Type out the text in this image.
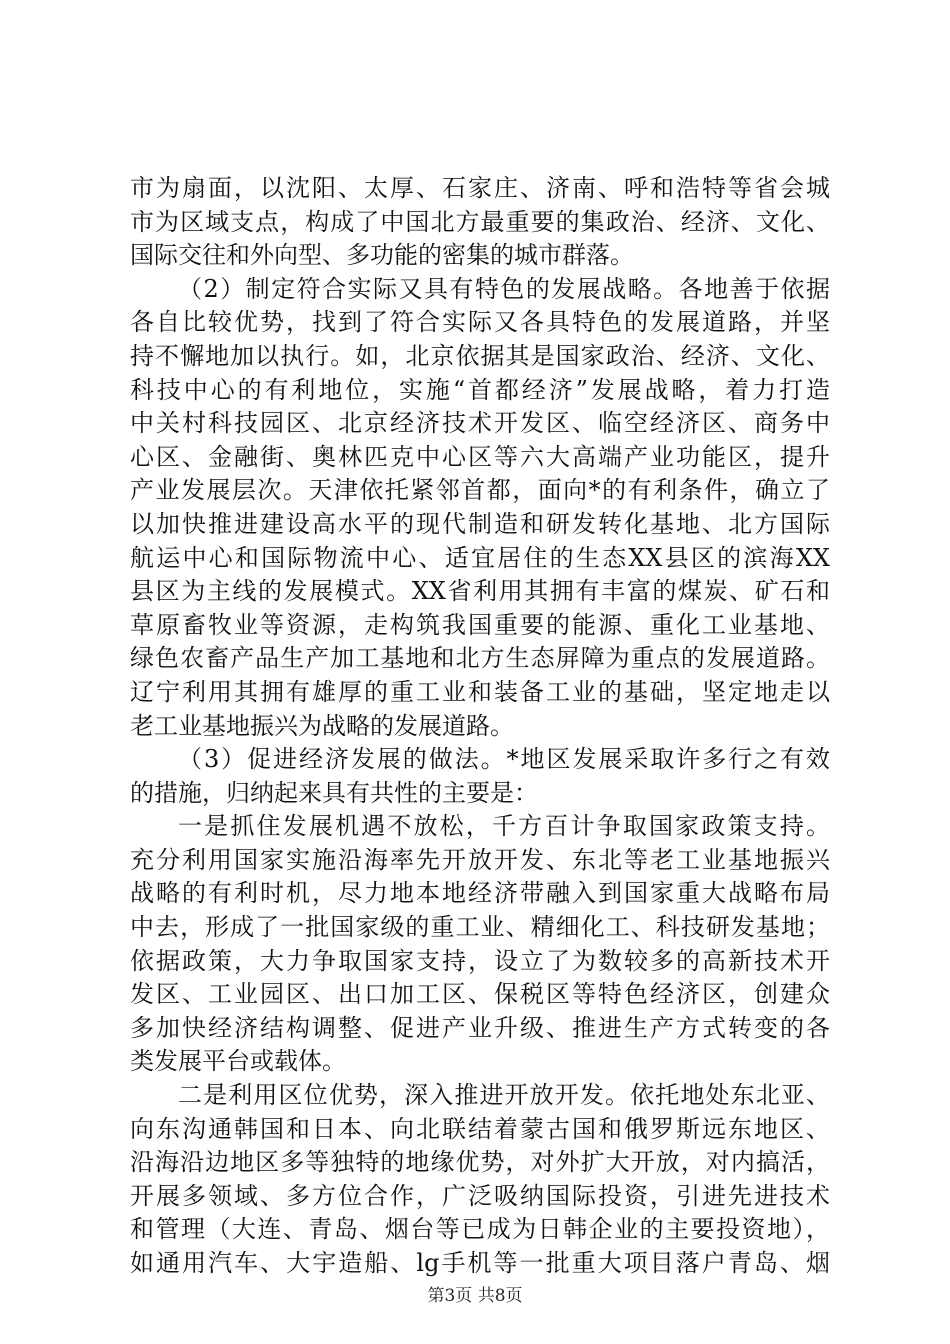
市为扇面，以沈阳、太厚、石家庄、济南、呼和浩特等省会城
市为区域支点，构成了中国北方最重要的集政治、经济、文化、
国际交往和外向型、多功能的密集的城市群落。
（2）制定符合实际又具有特色的发展战略。各地善于依据
各自比较优势，找到了符合实际又各具特色的发展道路，并坚
持不懈地加以执行。如，北京依据其是国家政治、经济、文化、
科技中心的有利地位，实施“首都经济”发展战略，着力打造
中关村科技园区、北京经济技术开发区、临空经济区、商务中
心区、金融街、奥林匹克中心区等六大高端产业功能区，提升
产业发展层次。天津依托紧邻首都，面向*的有利条件，确立了
以加快推进建设高水平的现代制造和研发转化基地、北方国际
航运中心和国际物流中心、适宜居住的生态XX县区的滨海XX
县区为主线的发展模式。XX省利用其拥有丰富的煤炭、矿石和
草原畜牧业等资源，走构筑我国重要的能源、重化工业基地、
绿色农畜产品生产加工基地和北方生态屏障为重点的发展道路。
辽宁利用其拥有雄厚的重工业和装备工业的基础，坚定地走以
老工业基地振兴为战略的发展道路。
（3）促进经济发展的做法。*地区发展采取许多行之有效
的措施，归纳起来具有共性的主要是：
一是抓住发展机遇不放松，千方百计争取国家政策支持。
充分利用国家实施沿海率先开放开发、东北等老工业基地振兴
战略的有利时机，尽力地本地经济带融入到国家重大战略布局
中去，形成了一批国家级的重工业、精细化工、科技研发基地；
依据政策，大力争取国家支持，设立了为数较多的高新技术开
发区、工业园区、出口加工区、保税区等特色经济区，创建众
多加快经济结构调整、促进产业升级、推进生产方式转变的各
类发展平台或载体。
二是利用区位优势，深入推进开放开发。依托地处东北亚、
向东沟通韩国和日本、向北联结着蒙古国和俄罗斯远东地区、
沿海沿边地区多等独特的地缘优势，对外扩大开放，对内搞活，
开展多领域、多方位合作，广泛吸纳国际投资，引进先进技术
和管理（大连、青岛、烟台等已成为日韩企业的主要投资地），
如通用汽车、大宇造船、lg手机等一批重大项目落户青岛、烟
第3页 共8页
